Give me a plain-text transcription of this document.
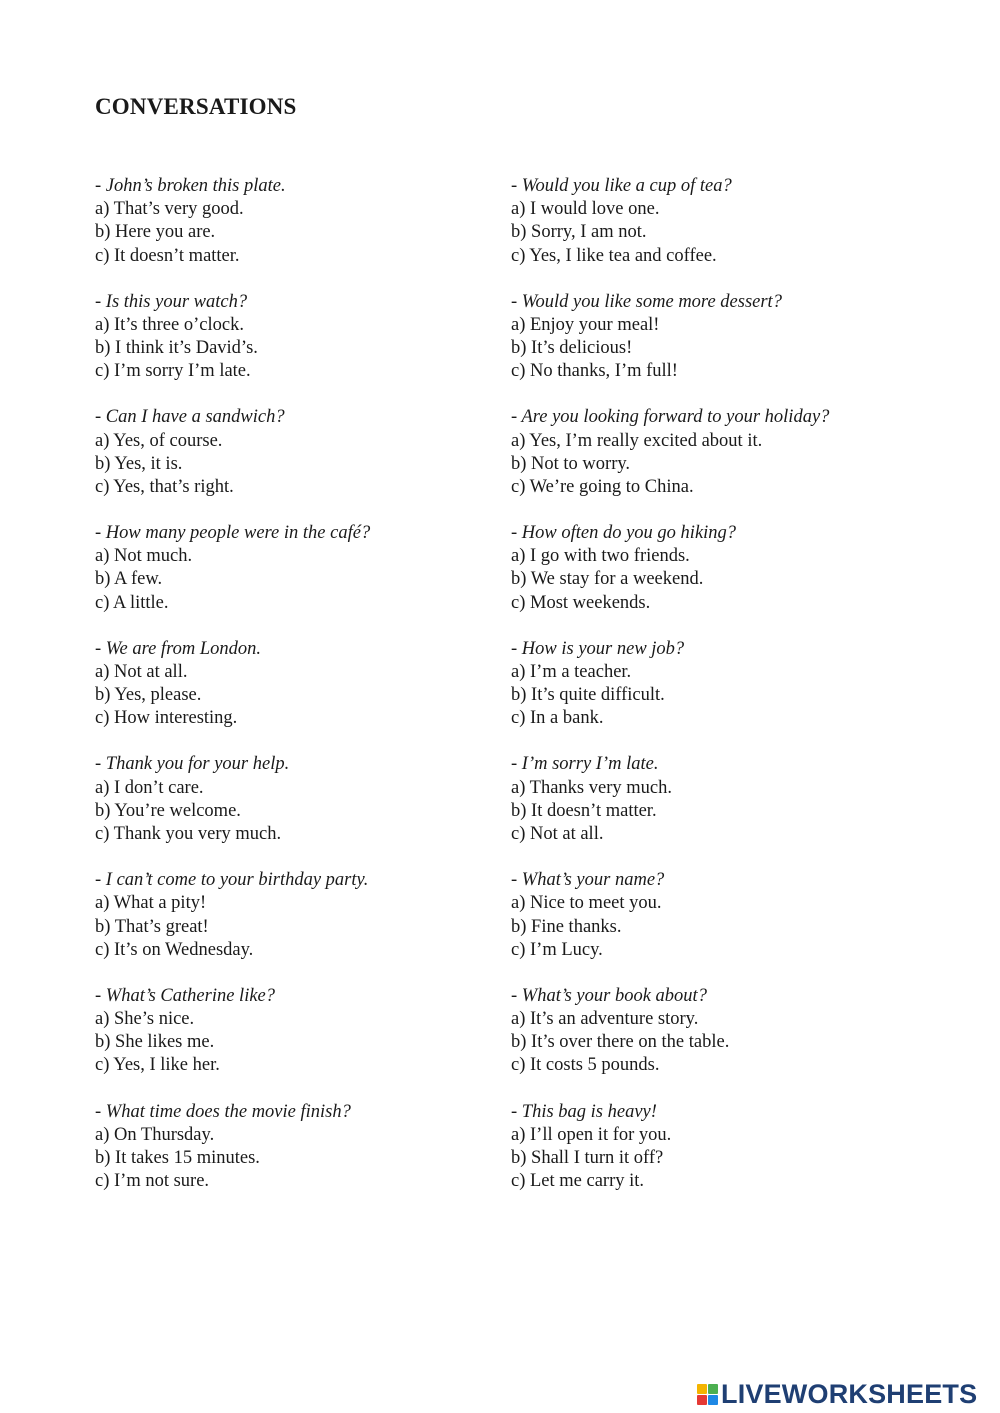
CONVERSATIONS
- John’s broken this plate.
a) That’s very good.
b) Here you are.
c) It doesn’t matter.
- Is this your watch?
a) It’s three o’clock.
b) I think it’s David’s.
c) I’m sorry I’m late.
- Can I have a sandwich?
a) Yes, of course.
b) Yes, it is.
c) Yes, that’s right.
- How many people were in the café?
a) Not much.
b) A few.
c) A little.
- We are from London.
a) Not at all.
b) Yes, please.
c) How interesting.
- Thank you for your help.
a) I don’t care.
b) You’re welcome.
c) Thank you very much.
- I can’t come to your birthday party.
a) What a pity!
b) That’s great!
c) It’s on Wednesday.
- What’s Catherine like?
a) She’s nice.
b) She likes me.
c) Yes, I like her.
- What time does the movie finish?
a) On Thursday.
b) It takes 15 minutes.
c) I’m not sure.
- Would you like a cup of tea?
a) I would love one.
b) Sorry, I am not.
c) Yes, I like tea and coffee.
- Would you like some more dessert?
a) Enjoy your meal!
b) It’s delicious!
c) No thanks, I’m full!
- Are you looking forward to your holiday?
a) Yes, I’m really excited about it.
b) Not to worry.
c) We’re going to China.
- How often do you go hiking?
a) I go with two friends.
b) We stay for a weekend.
c) Most weekends.
- How is your new job?
a) I’m a teacher.
b) It’s quite difficult.
c) In a bank.
- I’m sorry I’m late.
a) Thanks very much.
b) It doesn’t matter.
c) Not at all.
- What’s your name?
a) Nice to meet you.
b) Fine thanks.
c) I’m Lucy.
- What’s your book about?
a) It’s an adventure story.
b) It’s over there on the table.
c) It costs 5 pounds.
- This bag is heavy!
a) I’ll open it for you.
b) Shall I turn it off?
c) Let me carry it.
LIVEWORKSHEETS
